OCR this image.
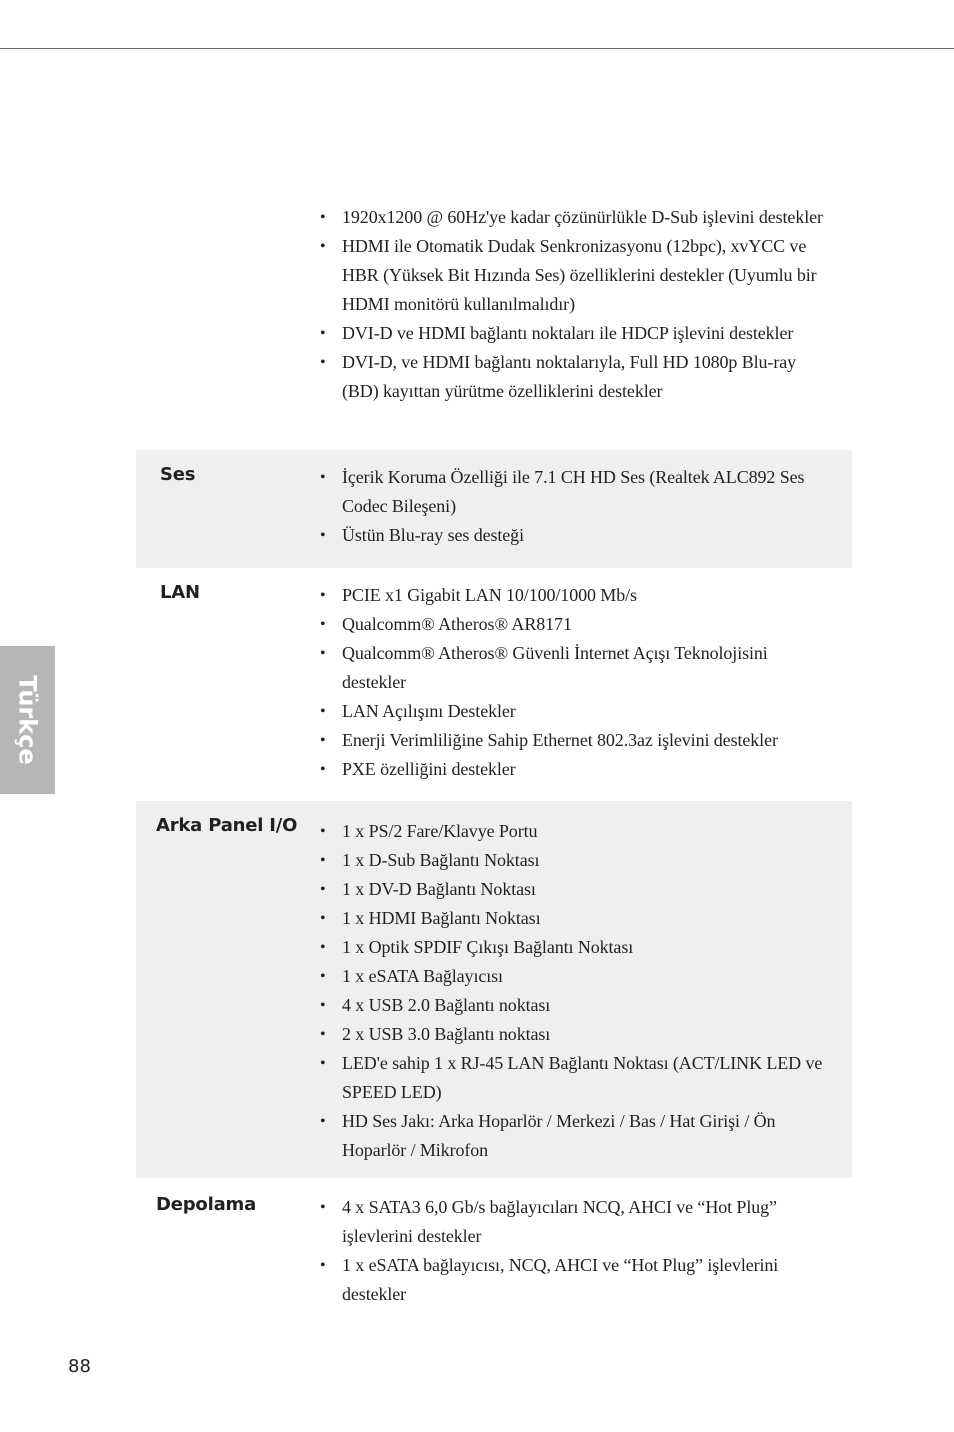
Türkçe
• 1920x1200 @ 60Hz'ye kadar çözünürlükle D-Sub işlevini destekler
• HDMI ile Otomatik Dudak Senkronizasyonu (12bpc), xvYCC ve HBR (Yüksek Bit Hızında Ses) özelliklerini destekler (Uyumlu bir HDMI monitörü kullanılmalıdır)
• DVI-D ve HDMI bağlantı noktaları ile HDCP işlevini destekler
• DVI-D, ve HDMI bağlantı noktalarıyla, Full HD 1080p Blu-ray (BD) kayıttan yürütme özelliklerini destekler
Ses	• İçerik Koruma Özelliği ile 7.1 CH HD Ses (Realtek ALC892 Ses Codec Bileşeni)
• Üstün Blu-ray ses desteği
LAN	• PCIE x1 Gigabit LAN 10/100/1000 Mb/s
• Qualcomm® Atheros® AR8171
• Qualcomm® Atheros® Güvenli İnternet Açışı Teknolojisini destekler
• LAN Açılışını Destekler
• Enerji Verimliliğine Sahip Ethernet 802.3az işlevini destekler
• PXE özelliğini destekler
Arka Panel I/O	• 1 x PS/2 Fare/Klavye Portu
• 1 x D-Sub Bağlantı Noktası
• 1 x DV-D Bağlantı Noktası
• 1 x HDMI Bağlantı Noktası
• 1 x Optik SPDIF Çıkışı Bağlantı Noktası
• 1 x eSATA Bağlayıcısı
• 4 x USB 2.0 Bağlantı noktası
• 2 x USB 3.0 Bağlantı noktası
• LED'e sahip 1 x RJ-45 LAN Bağlantı Noktası (ACT/LINK LED ve SPEED LED)
• HD Ses Jakı: Arka Hoparlör / Merkezi / Bas / Hat Girişi / Ön Hoparlör / Mikrofon
Depolama	• 4 x SATA3 6,0 Gb/s bağlayıcıları NCQ, AHCI ve “Hot Plug” işlevlerini destekler
• 1 x eSATA bağlayıcısı, NCQ, AHCI ve “Hot Plug” işlevlerini destekler
88
